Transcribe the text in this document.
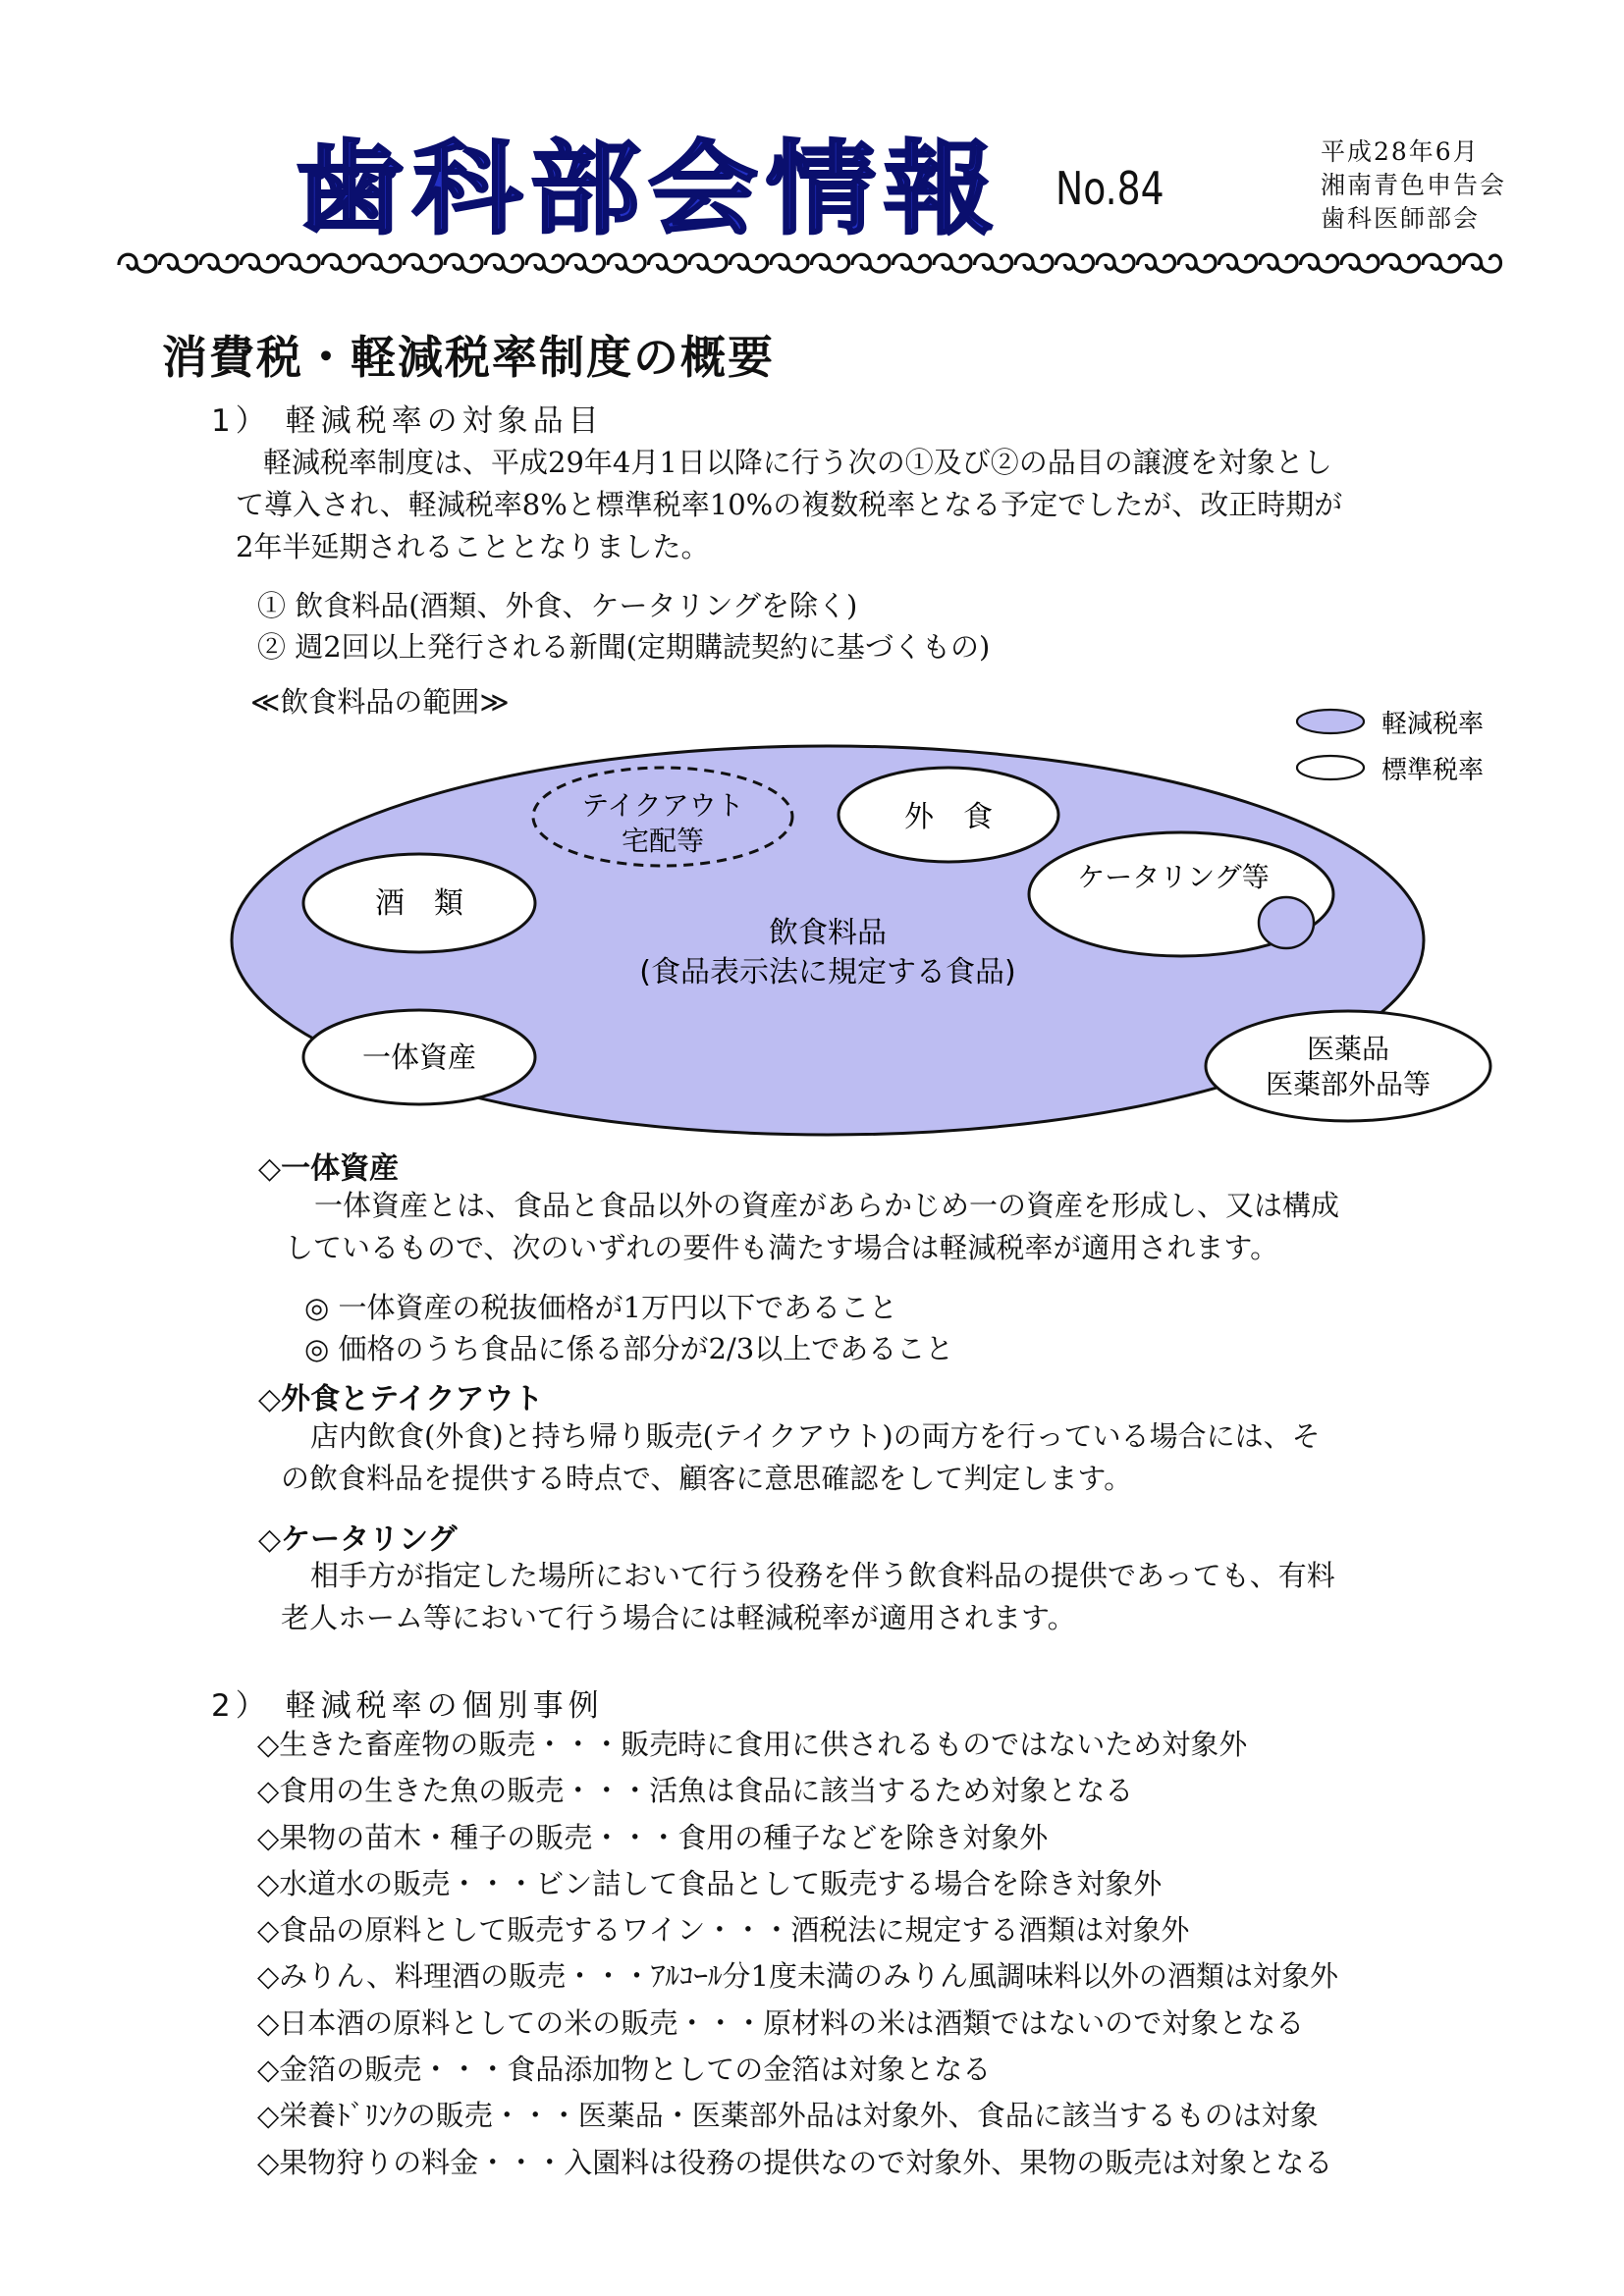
歯科部会情報 No.84
平成28年6月
湘南青色申告会
歯科医師部会
消費税・軽減税率制度の概要
1） 軽減税率の対象品目
軽減税率制度は、平成29年4月1日以降に行う次の①及び②の品目の譲渡を対象とし
て導入され、軽減税率8%と標準税率10%の複数税率となる予定でしたが、改正時期が
2年半延期されることとなりました。
① 飲食料品(酒類、外食、ケータリングを除く)
② 週2回以上発行される新聞(定期購読契約に基づくもの)
≪飲食料品の範囲≫
軽減税率
標準税率
飲食料品
(食品表示法に規定する食品)
テイクアウト
宅配等
外　食
酒　類
ケータリング等
一体資産	医薬品
医薬部外品等
◇一体資産
一体資産とは、食品と食品以外の資産があらかじめ一の資産を形成し、又は構成
しているもので、次のいずれの要件も満たす場合は軽減税率が適用されます。
◎ 一体資産の税抜価格が1万円以下であること
◎ 価格のうち食品に係る部分が2/3以上であること
◇外食とテイクアウト
店内飲食(外食)と持ち帰り販売(テイクアウト)の両方を行っている場合には、そ
の飲食料品を提供する時点で、顧客に意思確認をして判定します。
◇ケータリング
相手方が指定した場所において行う役務を伴う飲食料品の提供であっても、有料
老人ホーム等において行う場合には軽減税率が適用されます。
2） 軽減税率の個別事例
◇生きた畜産物の販売・・・販売時に食用に供されるものではないため対象外
◇食用の生きた魚の販売・・・活魚は食品に該当するため対象となる
◇果物の苗木・種子の販売・・・食用の種子などを除き対象外
◇水道水の販売・・・ビン詰して食品として販売する場合を除き対象外
◇食品の原料として販売するワイン・・・酒税法に規定する酒類は対象外
◇みりん、料理酒の販売・・・ｱﾙｺｰﾙ分1度未満のみりん風調味料以外の酒類は対象外
◇日本酒の原料としての米の販売・・・原材料の米は酒類ではないので対象となる
◇金箔の販売・・・食品添加物としての金箔は対象となる
◇栄養ﾄﾞﾘﾝｸの販売・・・医薬品・医薬部外品は対象外、食品に該当するものは対象
◇果物狩りの料金・・・入園料は役務の提供なので対象外、果物の販売は対象となる
